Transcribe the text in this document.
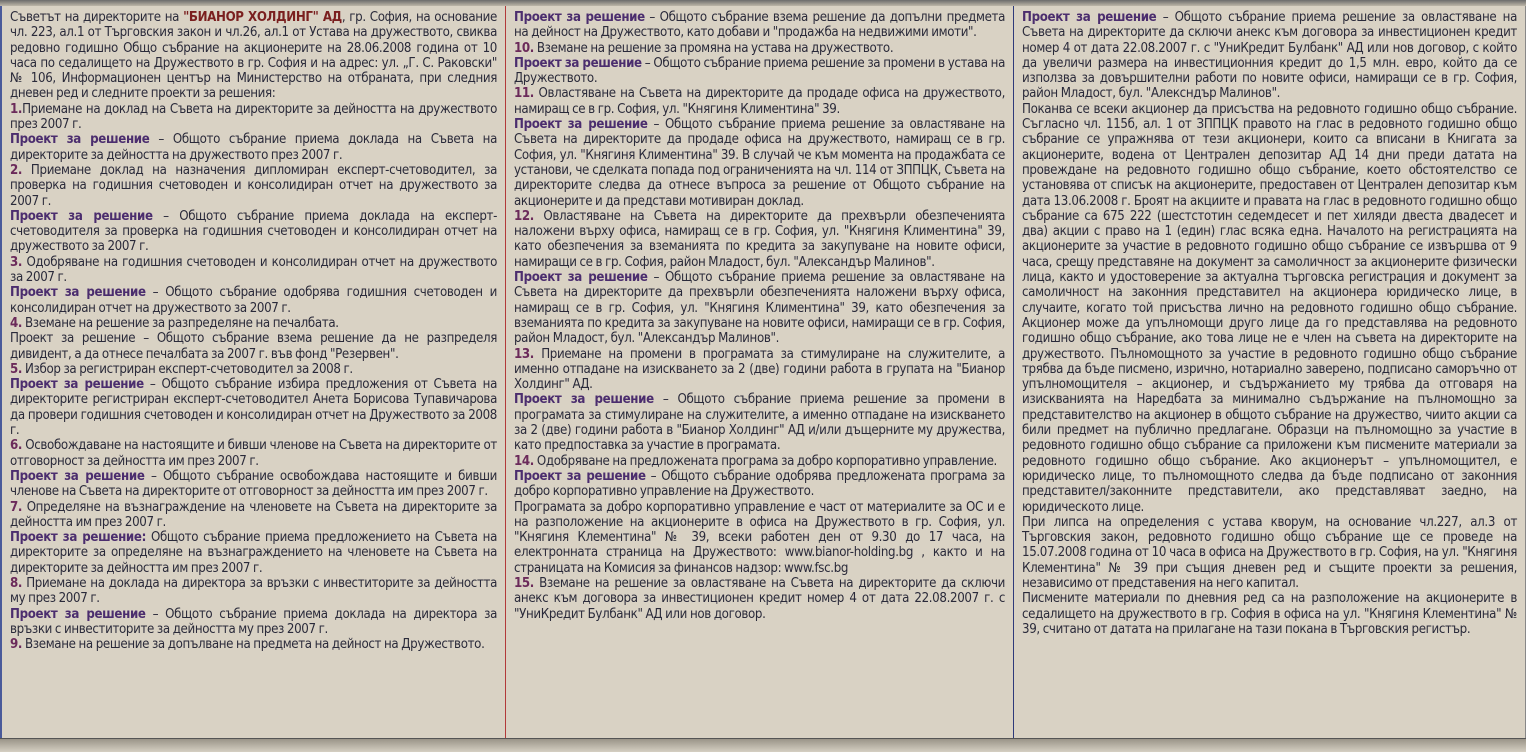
Съветът на директорите на "БИАНОР ХОЛДИНГ" АД, гр. София, на основание чл. 223, ал.1 от Търговския закон и чл.26, ал.1 от Устава на дружеството, свиква редовно годишно Общо събрание на акционерите на 28.06.2008 година от 10 часа по седалището на Дружеството в гр. София и на адрес: ул. „Г. С. Раковски" № 106, Информационен център на Министерство на отбраната, при следния дневен ред и следните проекти за решения:

1.Приемане на доклад на Съвета на директорите за дейността на дружеството през 2007 г.

Проект за решение – Общото събрание приема доклада на Съвета на директорите за дейността на дружеството през 2007 г.

2. Приемане доклад на назначения дипломиран експерт-счетоводител, за проверка на годишния счетоводен и консолидиран отчет на дружеството за 2007 г.

Проект за решение – Общото събрание приема доклада на експерт-счетоводителя за проверка на годишния счетоводен и консолидиран отчет на дружеството за 2007 г.

3. Одобряване на годишния счетоводен и консолидиран отчет на дружеството за 2007 г.

Проект за решение – Общото събрание одобрява годишния счетоводен и консолидиран отчет на дружеството за 2007 г.

4. Вземане на решение за разпределяне на печалбата.

Проект за решение – Общото събрание взема решение да не разпределя дивидент, а да отнесе печалбата за 2007 г. във фонд "Резервен".

5. Избор за регистриран експерт-счетоводител за 2008 г.

Проект за решение – Общото събрание избира предложения от Съвета на директорите регистриран експерт-счетоводител Анета Борисова Тупавичарова да провери годишния счетоводен и консолидиран отчет на Дружеството за 2008 г.

6. Освобождаване на настоящите и бивши членове на Съвета на директорите от отговорност за дейността им през 2007 г.

Проект за решение – Общото събрание освобождава настоящите и бивши членове на Съвета на директорите от отговорност за дейността им през 2007 г.

7. Определяне на възнаграждение на членовете на Съвета на директорите за дейността им през 2007 г.

Проект за решение: Общото събрание приема предложението на Съвета на директорите за определяне на възнаграждението на членовете на Съвета на директорите за дейността им през 2007 г.

8. Приемане на доклада на директора за връзки с инвеститорите за дейността му през 2007 г.

Проект за решение – Общото събрание приема доклада на директора за връзки с инвеститорите за дейността му през 2007 г.

9. Вземане на решение за допълване на предмета на дейност на Дружеството.

Проект за решение – Общото събрание взема решение да допълни предмета на дейност на Дружеството, като добави и "продажба на недвижими имоти".

10. Вземане на решение за промяна на устава на дружеството.

Проект за решение – Общото събрание приема решение за промени в устава на Дружеството.

11. Овластяване на Съвета на директорите да продаде офиса на дружеството, намиращ се в гр. София, ул. "Княгиня Климентина" 39.

Проект за решение – Общото събрание приема решение за овластяване на Съвета на директорите да продаде офиса на дружеството, намиращ се в гр. София, ул. "Княгиня Климентина" 39. В случай че към момента на продажбата се установи, че сделката попада под ограниченията на чл. 114 от ЗППЦК, Съвета на директорите следва да отнесе въпроса за решение от Общото събрание на акционерите и да представи мотивиран доклад.

12. Овластяване на Съвета на директорите да прехвърли обезпеченията наложени върху офиса, намиращ се в гр. София, ул. "Княгиня Климентина" 39, като обезпечения за вземанията по кредита за закупуване на новите офиси, намиращи се в гр. София, район Младост, бул. "Александър Малинов".

Проект за решение – Общото събрание приема решение за овластяване на Съвета на директорите да прехвърли обезпеченията наложени върху офиса, намиращ се в гр. София, ул. "Княгиня Климентина" 39, като обезпечения за вземанията по кредита за закупуване на новите офиси, намиращи се в гр. София, район Младост, бул. "Александър Малинов".

13. Приемане на промени в програмата за стимулиране на служителите, а именно отпадане на изискването за 2 (две) години работа в групата на "Бианор Холдинг" АД.

Проект за решение – Общото събрание приема решение за промени в програмата за стимулиране на служителите, а именно отпадане на изискването за 2 (две) години работа в "Бианор Холдинг" АД и/или дъщерните му дружества, като предпоставка за участие в програмата.

14. Одобряване на предложената програма за добро корпоративно управление.

Проект за решение – Общото събрание одобрява предложената програма за добро корпоративно управление на Дружеството.

Програмата за добро корпоративно управление е част от материалите за ОС и е на разположение на акционерите в офиса на Дружеството в гр. София, ул. "Княгиня Клементина" № 39, всеки работен ден от 9.30 до 17 часа, на електронната страница на Дружеството: www.bianor-holding.bg , както и на страницата на Комисия за финансов надзор: www.fsc.bg

15. Вземане на решение за овластяване на Съвета на директорите да сключи анекс към договора за инвестиционен кредит номер 4 от дата 22.08.2007 г. с "УниКредит Булбанк" АД или нов договор.

Проект за решение – Общото събрание приема решение за овластяване на Съвета на директорите да сключи анекс към договора за инвестиционен кредит номер 4 от дата 22.08.2007 г. с "УниКредит Булбанк" АД или нов договор, с който да увеличи размера на инвестиционния кредит до 1,5 млн. евро, който да се използва за довършителни работи по новите офиси, намиращи се в гр. София, район Младост, бул. "Алексндър Малинов".

Поканва се всеки акционер да присъства на редовното годишно общо събрание. Съгласно чл. 115б, ал. 1 от ЗППЦК правото на глас в редовното годишно общо събрание се упражнява от тези акционери, които са вписани в Книгата за акционерите, водена от Централен депозитар АД 14 дни преди датата на провеждане на редовното годишно общо събрание, което обстоятелство се установява от списък на акционерите, предоставен от Централен депозитар към дата 13.06.2008 г. Броят на акциите и правата на глас в редовното годишно общо събрание са 675 222 (шестстотин седемдесет и пет хиляди двеста двадесет и два) акции с право на 1 (един) глас всяка една. Началото на регистрацията на акционерите за участие в редовното годишно общо събрание се извършва от 9 часа, срещу представяне на документ за самоличност за акционерите физически лица, както и удостоверение за актуална търговска регистрация и документ за самоличност на законния представител на акционера юридическо лице, в случаите, когато той присъства лично на редовното годишно общо събрание. Акционер може да упълномощи друго лице да го представлява на редовното годишно общо събрание, ако това лице не е член на съвета на директорите на дружеството. Пълномощното за участие в редовното годишно общо събрание трябва да бъде писмено, изрично, нотариално заверено, подписано саморъчно от упълномощителя – акционер, и съдържанието му трябва да отговаря на изискванията на Наредбата за минимално съдържание на пълномощно за представителство на акционер в общото събрание на дружество, чиито акции са били предмет на публично предлагане. Образци на пълномощно за участие в редовното годишно общо събрание са приложени към писмените материали за редовното годишно общо събрание. Ако акционерът – упълномощител, е юридическо лице, то пълномощното следва да бъде подписано от законния представител/законните представители, ако представляват заедно, на юридическото лице.

При липса на определения с устава кворум, на основание чл.227, ал.3 от Търговския закон, редовното годишно общо събрание ще се проведе на 15.07.2008 година от 10 часа в офиса на Дружеството в гр. София, на ул. "Княгиня Клементина" № 39 при същия дневен ред и същите проекти за решения, независимо от представения на него капитал.

Писмените материали по дневния ред са на разположение на акционерите в седалището на дружеството в гр. София в офиса на ул. "Княгиня Клементина" № 39, считано от датата на прилагане на тази покана в Търговския регистър.
